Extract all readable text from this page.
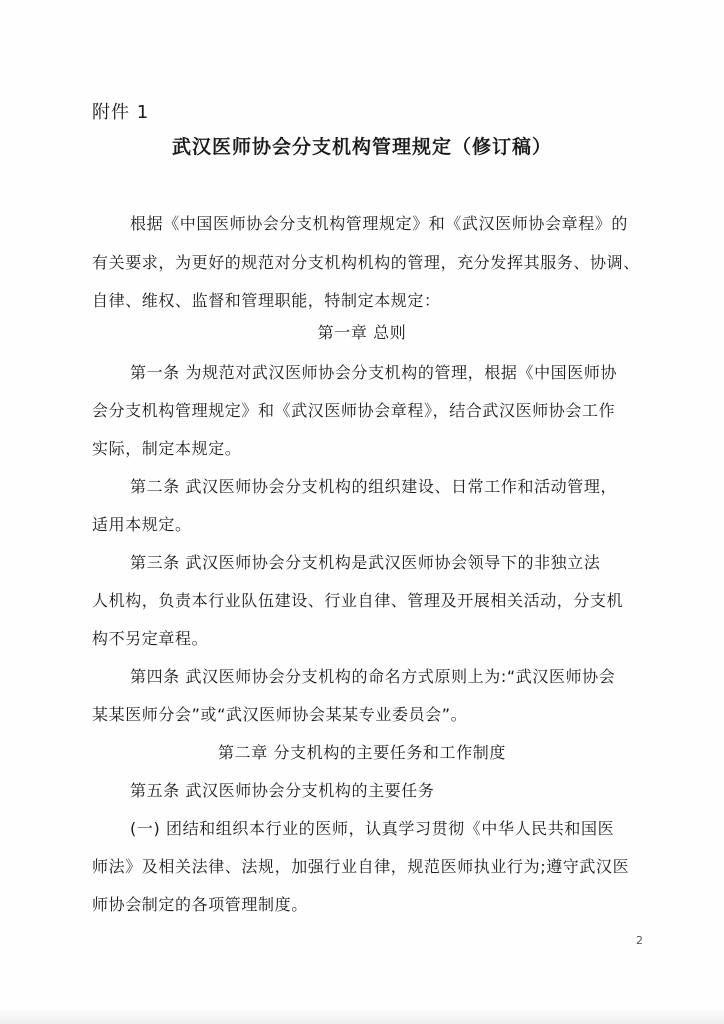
附件 1
武汉医师协会分支机构管理规定（修订稿）
根据《中国医师协会分支机构管理规定》和《武汉医师协会章程》的
有关要求，为更好的规范对分支机构机构的管理，充分发挥其服务、协调、
自律、维权、监督和管理职能，特制定本规定：
第一章 总则
第一条 为规范对武汉医师协会分支机构的管理，根据《中国医师协
会分支机构管理规定》和《武汉医师协会章程》，结合武汉医师协会工作
实际，制定本规定。
第二条 武汉医师协会分支机构的组织建设、日常工作和活动管理，
适用本规定。
第三条 武汉医师协会分支机构是武汉医师协会领导下的非独立法
人机构，负责本行业队伍建设、行业自律、管理及开展相关活动，分支机
构不另定章程。
第四条 武汉医师协会分支机构的命名方式原则上为:“武汉医师协会
某某医师分会”或“武汉医师协会某某专业委员会”。
第二章 分支机构的主要任务和工作制度
第五条 武汉医师协会分支机构的主要任务
(一) 团结和组织本行业的医师，认真学习贯彻《中华人民共和国医
师法》及相关法律、法规，加强行业自律，规范医师执业行为;遵守武汉医
师协会制定的各项管理制度。
2
